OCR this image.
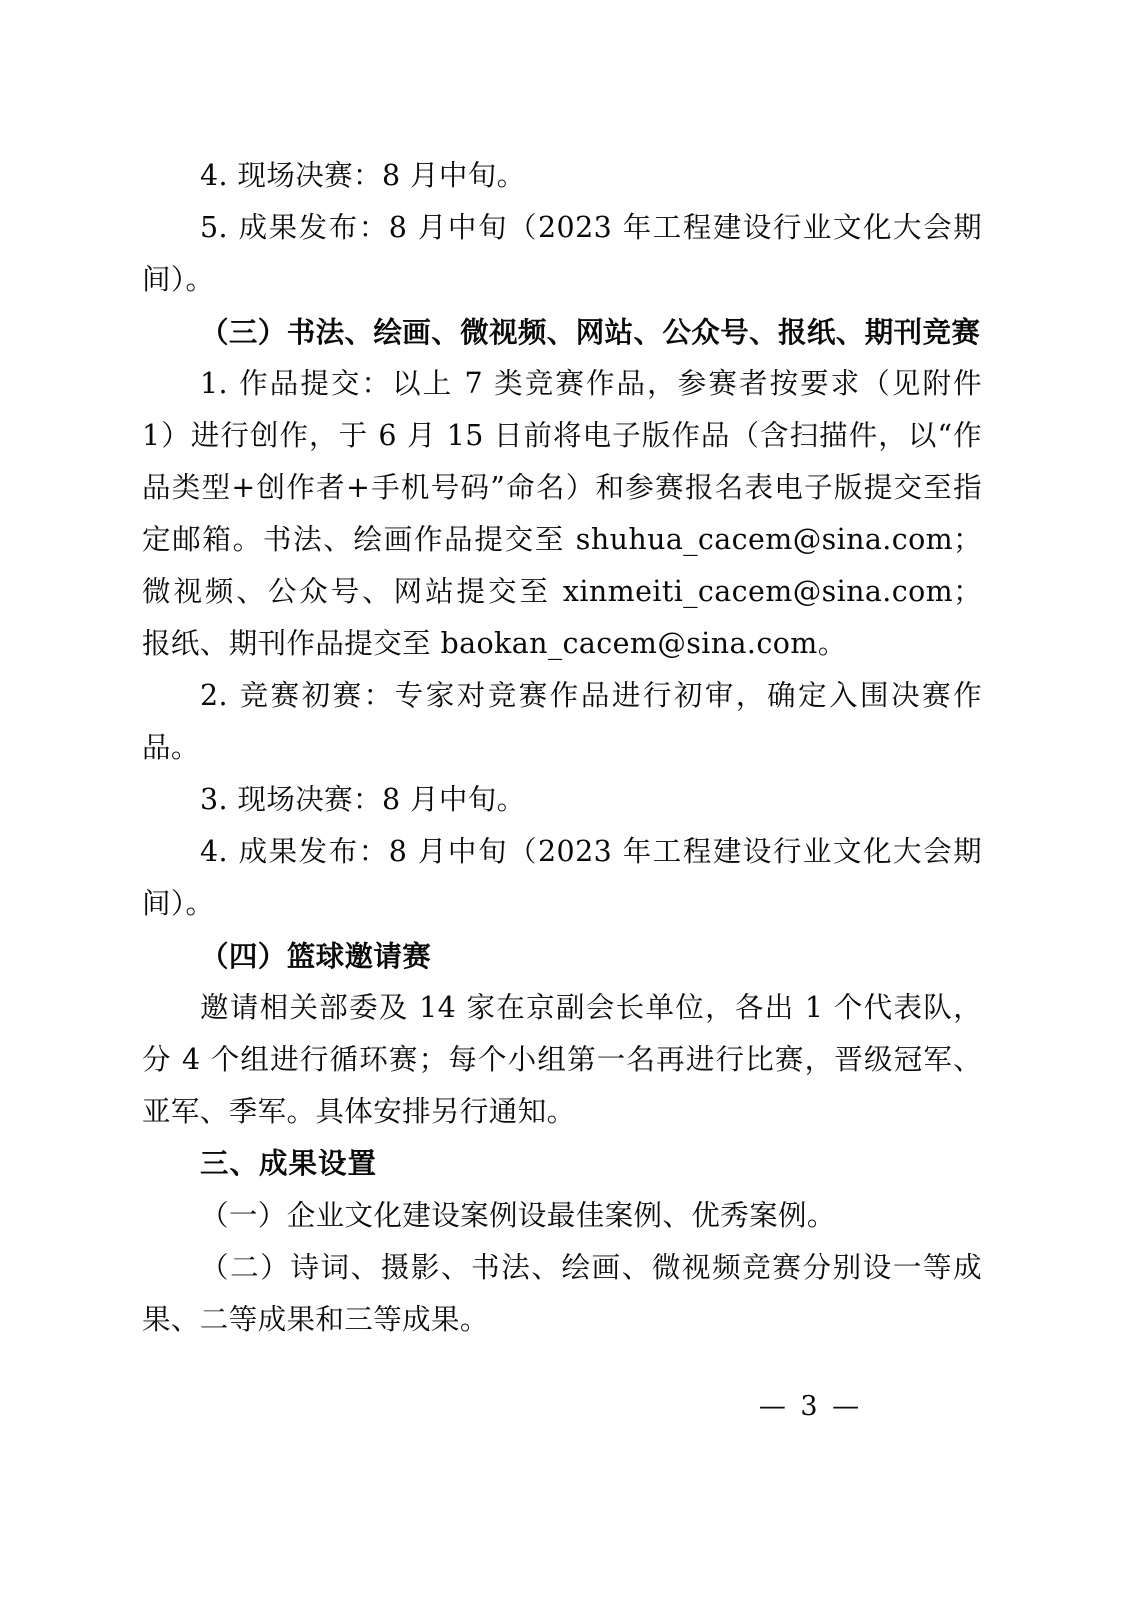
4. 现场决赛：8 月中旬。

5. 成果发布：8 月中旬（2023 年工程建设行业文化大会期间）。

（三）书法、绘画、微视频、网站、公众号、报纸、期刊竞赛

1. 作品提交：以上 7 类竞赛作品，参赛者按要求（见附件 1）进行创作，于 6 月 15 日前将电子版作品（含扫描件，以“作品类型+创作者+手机号码”命名）和参赛报名表电子版提交至指定邮箱。书法、绘画作品提交至 shuhua_cacem@sina.com；微视频、公众号、网站提交至 xinmeiti_cacem@sina.com； 报纸、期刊作品提交至 baokan_cacem@sina.com。

2. 竞赛初赛：专家对竞赛作品进行初审，确定入围决赛作品。

3. 现场决赛：8 月中旬。

4. 成果发布：8 月中旬（2023 年工程建设行业文化大会期间）。

（四）篮球邀请赛

邀请相关部委及 14 家在京副会长单位，各出 1 个代表队，分 4 个组进行循环赛；每个小组第一名再进行比赛，晋级冠军、亚军、季军。具体安排另行通知。

三、成果设置

（一）企业文化建设案例设最佳案例、优秀案例。

（二）诗词、摄影、书法、绘画、微视频竞赛分别设一等成果、二等成果和三等成果。

— 3 —
